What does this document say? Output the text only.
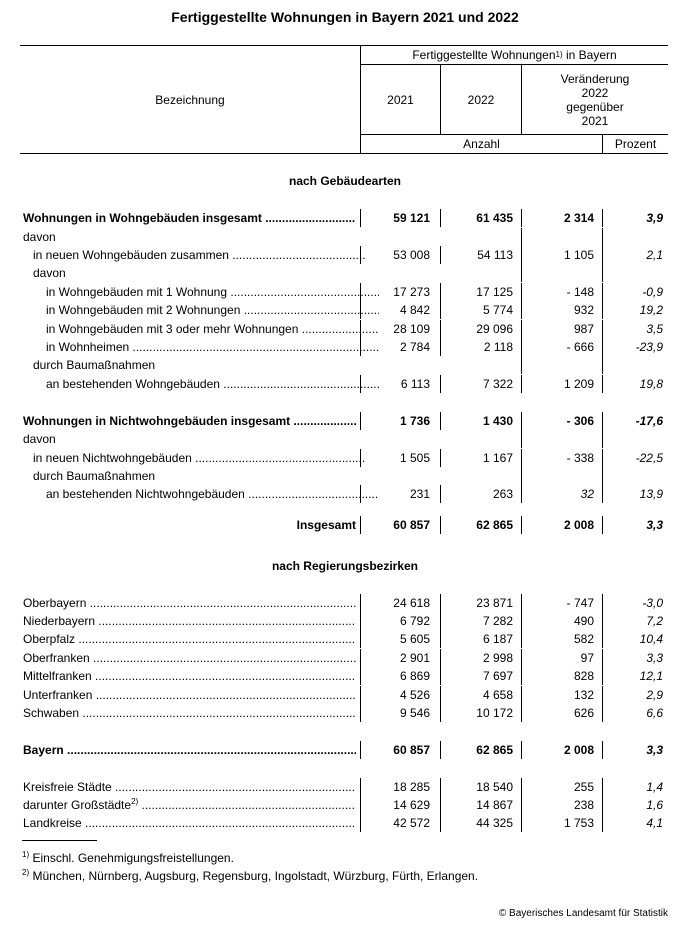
Fertiggestellte Wohnungen in Bayern 2021 und 2022
Bezeichnung
Fertiggestellte Wohnungen 1) in Bayern
2021	2022
Veränderung
2022
gegenüber
2021
Anzahl	Prozent
nach Gebäudearten
Wohnungen in Wohngebäuden insgesamt .....	59 121	61 435	2 314	3,9
davon
in neuen Wohngebäuden zusammen .....	53 008	54 113	1 105	2,1
davon
in Wohngebäuden mit 1 Wohnung .....	17 273	17 125	- 148	-0,9
in Wohngebäuden mit 2 Wohnungen .....	4 842	5 774	932	19,2
in Wohngebäuden mit 3 oder mehr Wohnungen .....	28 109	29 096	987	3,5
in Wohnheimen .....	2 784	2 118	- 666	-23,9
durch Baumaßnahmen
an bestehenden Wohngebäuden .....	6 113	7 322	1 209	19,8
Wohnungen in Nichtwohngebäuden insgesamt .....	1 736	1 430	- 306	-17,6
davon
in neuen Nichtwohngebäuden .....	1 505	1 167	- 338	-22,5
durch Baumaßnahmen
an bestehenden Nichtwohngebäuden .....	231	263	32	13,9
Insgesamt	60 857	62 865	2 008	3,3
Oberbayern .....	24 618	23 871	- 747	-3,0
Niederbayern .....	6 792	7 282	490	7,2
Oberpfalz .....	5 605	6 187	582	10,4
Oberfranken .....	2 901	2 998	97	3,3
Mittelfranken .....	6 869	7 697	828	12,1
Unterfranken .....	4 526	4 658	132	2,9
Schwaben .....	9 546	10 172	626	6,6
Bayern .....	60 857	62 865	2 008	3,3
Kreisfreie Städte .....	18 285	18 540	255	1,4
darunter Großstädte$^{2)}$ .....	14 629	14 867	238	1,6
Landkreise .....	42 572	44 325	1 753	4,1
nach Regierungsbezirken
$^{1)}$ Einschl. Genehmigungsfreistellungen.
$^{2)}$ München, Nürnberg, Augsburg, Regensburg, Ingolstadt, Würzburg, Fürth, Erlangen.
© Bayerisches Landesamt für Statistik
